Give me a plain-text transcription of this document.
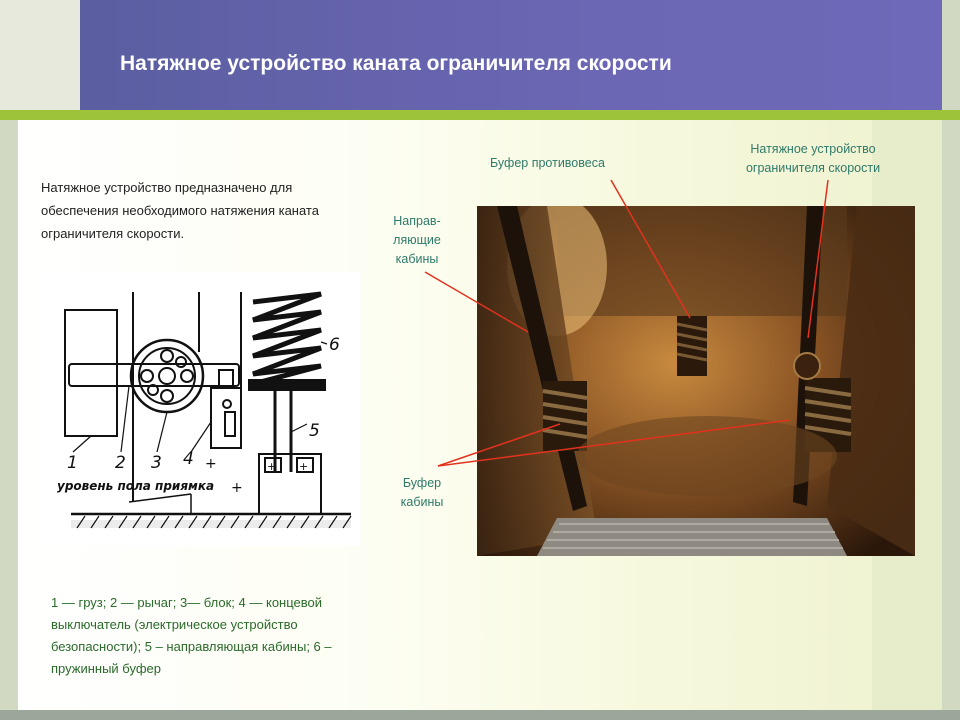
Натяжное устройство каната ограничителя скорости
Натяжное устройство предназначено для обеспечения необходимого натяжения каната ограничителя скорости.
1 2 3 4
5
6
+
+
+ +
уровень пола приямка
1 — груз; 2 — рычаг; 3— блок; 4 — концевой выключатель (электрическое устройство безопасности); 5 – направляющая кабины; 6 – пружинный буфер
Буфер противовеса
Натяжное устройство
ограничителя скорости
Направ-
ляющие
кабины
Буфер
кабины
